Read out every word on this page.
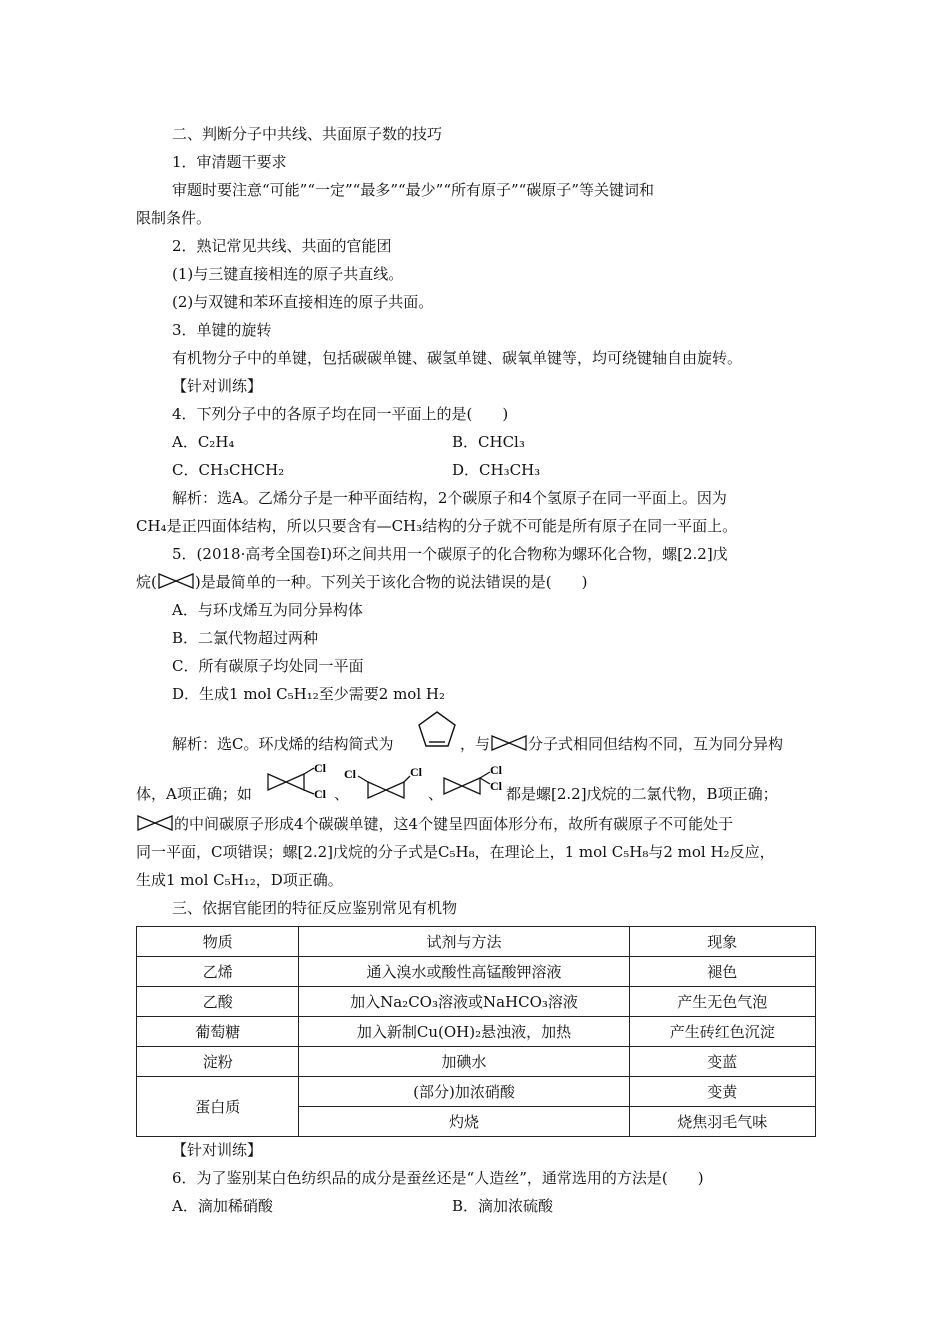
二、判断分子中共线、共面原子数的技巧
1．审清题干要求
审题时要注意“可能”“一定”“最多”“最少”“所有原子”“碳原子”等关键词和
限制条件。
2．熟记常见共线、共面的官能团
(1)与三键直接相连的原子共直线。
(2)与双键和苯环直接相连的原子共面。
3．单键的旋转
有机物分子中的单键，包括碳碳单键、碳氢单键、碳氧单键等，均可绕键轴自由旋转。
【针对训练】
4．下列分子中的各原子均在同一平面上的是(　　)
A．C₂H₄	B．CHCl₃
C．CH₃CHCH₂	D．CH₃CH₃
解析：选A。乙烯分子是一种平面结构，2个碳原子和4个氢原子在同一平面上。因为
CH₄是正四面体结构，所以只要含有—CH₃结构的分子就不可能是所有原子在同一平面上。
5．(2018·高考全国卷Ⅰ)环之间共用一个碳原子的化合物称为螺环化合物，螺[2.2]戊
烷(	)是最简单的一种。下列关于该化合物的说法错误的是(　　)
A．与环戊烯互为同分异构体
B．二氯代物超过两种
C．所有碳原子均处同一平面
D．生成1 mol C₅H₁₂至少需要2 mol H₂
解析：选C。环戊烯的结构简式为	，与	分子式相同但结构不同，互为同分异构
体，A项正确；如
Cl
Cl 、
Cl	Cl
、
Cl
Cl 都是螺[2.2]戊烷的二氯代物，B项正确；
的中间碳原子形成4个碳碳单键，这4个键呈四面体形分布，故所有碳原子不可能处于
同一平面，C项错误；螺[2.2]戊烷的分子式是C₅H₈，在理论上，1 mol C₅H₈与2 mol H₂反应，
生成1 mol C₅H₁₂，D项正确。
三、依据官能团的特征反应鉴别常见有机物
物质	试剂与方法	现象
乙烯	通入溴水或酸性高锰酸钾溶液	褪色
乙酸	加入Na₂CO₃溶液或NaHCO₃溶液	产生无色气泡
葡萄糖	加入新制Cu(OH)₂悬浊液，加热	产生砖红色沉淀
淀粉	加碘水	变蓝
蛋白质	(部分)加浓硝酸	变黄
	灼烧	烧焦羽毛气味
【针对训练】
6．为了鉴别某白色纺织品的成分是蚕丝还是“人造丝”，通常选用的方法是(　　)
A．滴加稀硝酸	B．滴加浓硫酸
